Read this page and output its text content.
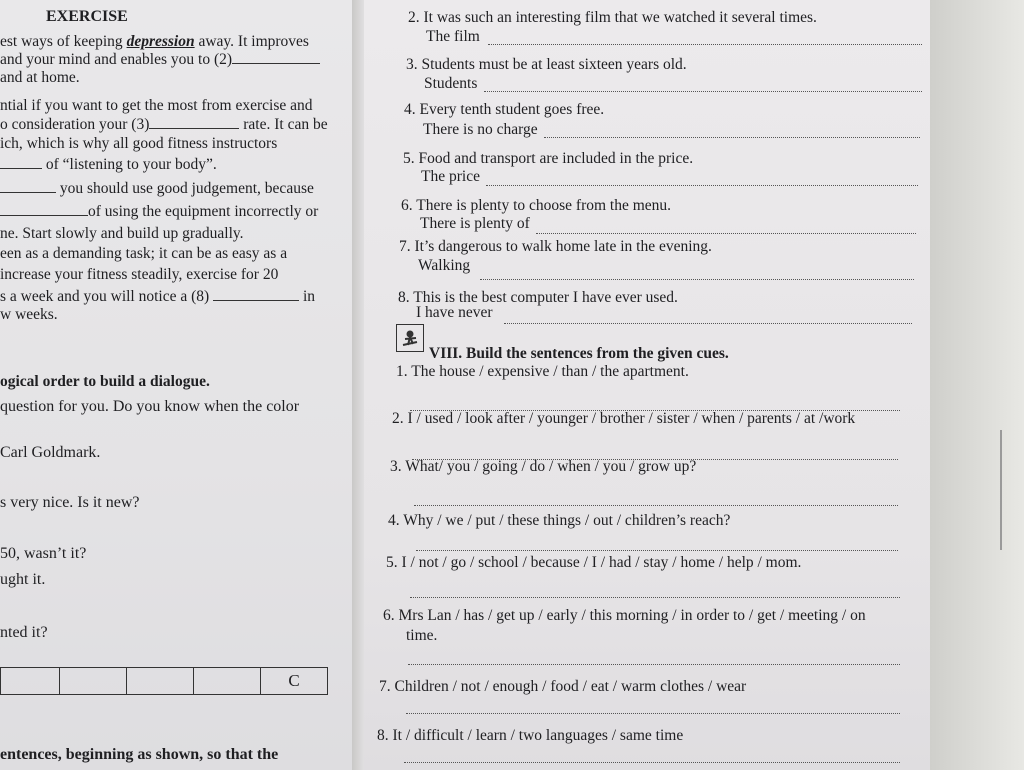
EXERCISE
est ways of keeping depression away. It improves
and your mind and enables you to (2)
and at home.
ntial if you want to get the most from exercise and
o consideration your (3)	rate. It can be
ich, which is why all good fitness instructors
of “listening to your body”.
you should use good judgement, because
of using the equipment incorrectly or
ne. Start slowly and build up gradually.
een as a demanding task; it can be as easy as a
increase your fitness steadily, exercise for 20
s a week and you will notice a (8)	in
w weeks.
ogical order to build a dialogue.
question for you. Do you know when the color
Carl Goldmark.
s very nice. Is it new?
50, wasn’t it?
ught it.
nted it?
				C
entences, beginning as shown, so that the
2. It was such an interesting film that we watched it several times.
The film
3. Students must be at least sixteen years old.
Students
4. Every tenth student goes free.
There is no charge
5. Food and transport are included in the price.
The price
6. There is plenty to choose from the menu.
There is plenty of
7. It’s dangerous to walk home late in the evening.
Walking
8. This is the best computer I have ever used.
I have never
VIII. Build the sentences from the given cues.
1. The house / expensive / than / the apartment.
2. I / used / look after / younger / brother / sister / when / parents / at /work
3. What/ you / going / do / when / you / grow up?
4. Why / we / put / these things / out / children’s reach?
5. I / not / go / school / because / I / had / stay / home / help / mom.
6. Mrs Lan / has / get up / early / this morning / in order to / get / meeting / on
time.
7. Children / not / enough / food / eat / warm clothes / wear
8. It / difficult / learn / two languages / same time
